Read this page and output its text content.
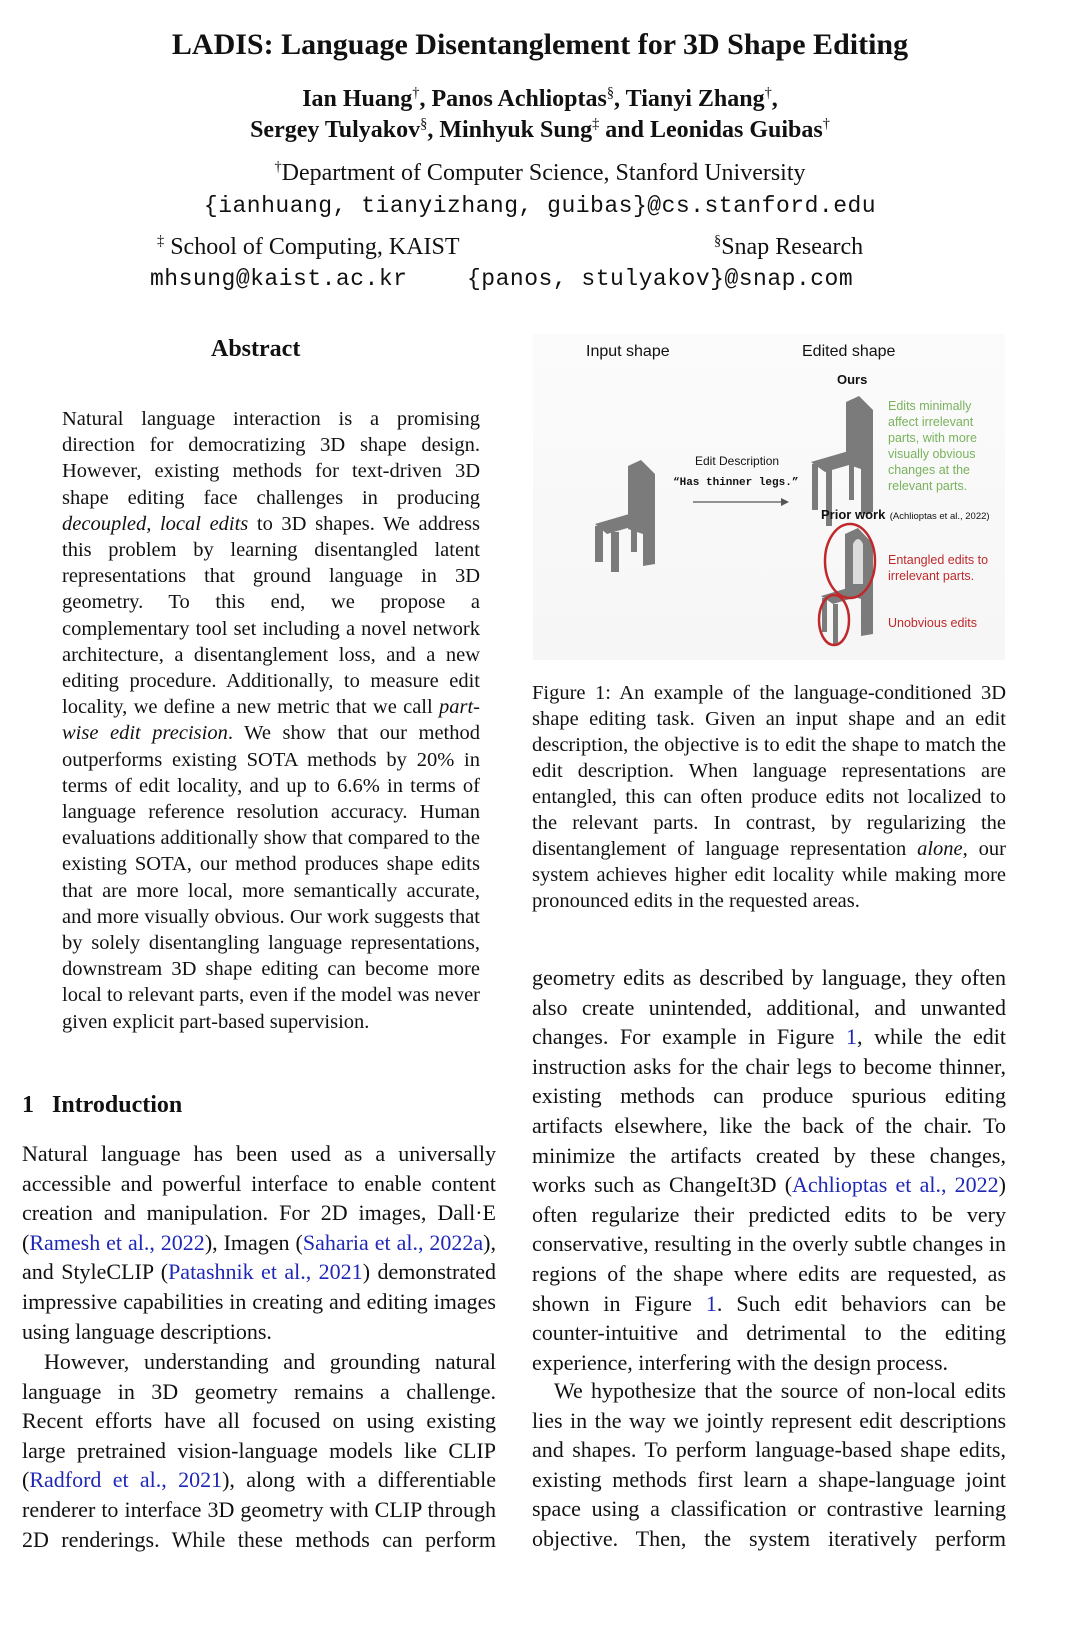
LADIS: Language Disentanglement for 3D Shape Editing
Ian Huang†, Panos Achlioptas§, Tianyi Zhang†,
Sergey Tulyakov§, Minhyuk Sung‡ and Leonidas Guibas†
†Department of Computer Science, Stanford University
{ianhuang, tianyizhang, guibas}@cs.stanford.edu
‡ School of Computing, KAIST	§Snap Research
mhsung@kaist.ac.kr	{panos, stulyakov}@snap.com
Abstract
Natural language interaction is a promising direction for democratizing 3D shape design. However, existing methods for text-driven 3D shape editing face challenges in producing decoupled, local edits to 3D shapes. We address this problem by learning disentangled latent representations that ground language in 3D geometry. To this end, we propose a complementary tool set including a novel network architecture, a disentanglement loss, and a new editing procedure. Additionally, to measure edit locality, we define a new metric that we call part-wise edit precision. We show that our method outperforms existing SOTA methods by 20% in terms of edit locality, and up to 6.6% in terms of language reference resolution accuracy. Human evaluations additionally show that compared to the existing SOTA, our method produces shape edits that are more local, more semantically accurate, and more visually obvious. Our work suggests that by solely disentangling language representations, downstream 3D shape editing can become more local to relevant parts, even if the model was never given explicit part-based supervision.
Input shape	Edited shape
Ours
Edit Description
“Has thinner legs.”
Edits minimally
affect irrelevant
parts, with more
visually obvious
changes at the
relevant parts.
Prior work (Achlioptas et al., 2022)
Entangled edits to
irrelevant parts.
Unobvious edits
Figure 1: An example of the language-conditioned 3D shape editing task. Given an input shape and an edit description, the objective is to edit the shape to match the edit description. When language representations are entangled, this can often produce edits not localized to the relevant parts. In contrast, by regularizing the disentanglement of language representation alone, our system achieves higher edit locality while making more pronounced edits in the requested areas.
1 Introduction
Natural language has been used as a universally accessible and powerful interface to enable content creation and manipulation. For 2D images, Dall·E (Ramesh et al., 2022), Imagen (Saharia et al., 2022a), and StyleCLIP (Patashnik et al., 2021) demonstrated impressive capabilities in creating and editing images using language descriptions.
However, understanding and grounding natural language in 3D geometry remains a challenge. Recent efforts have all focused on using existing large pretrained vision-language models like CLIP (Radford et al., 2021), along with a differentiable renderer to interface 3D geometry with CLIP through 2D renderings. While these methods can perform
geometry edits as described by language, they often also create unintended, additional, and unwanted changes. For example in Figure 1, while the edit instruction asks for the chair legs to become thinner, existing methods can produce spurious editing artifacts elsewhere, like the back of the chair. To minimize the artifacts created by these changes, works such as ChangeIt3D (Achlioptas et al., 2022) often regularize their predicted edits to be very conservative, resulting in the overly subtle changes in regions of the shape where edits are requested, as shown in Figure 1. Such edit behaviors can be counter-intuitive and detrimental to the editing experience, interfering with the design process.
We hypothesize that the source of non-local edits lies in the way we jointly represent edit descriptions and shapes. To perform language-based shape edits, existing methods first learn a shape-language joint space using a classification or contrastive learning objective. Then, the system iteratively perform
